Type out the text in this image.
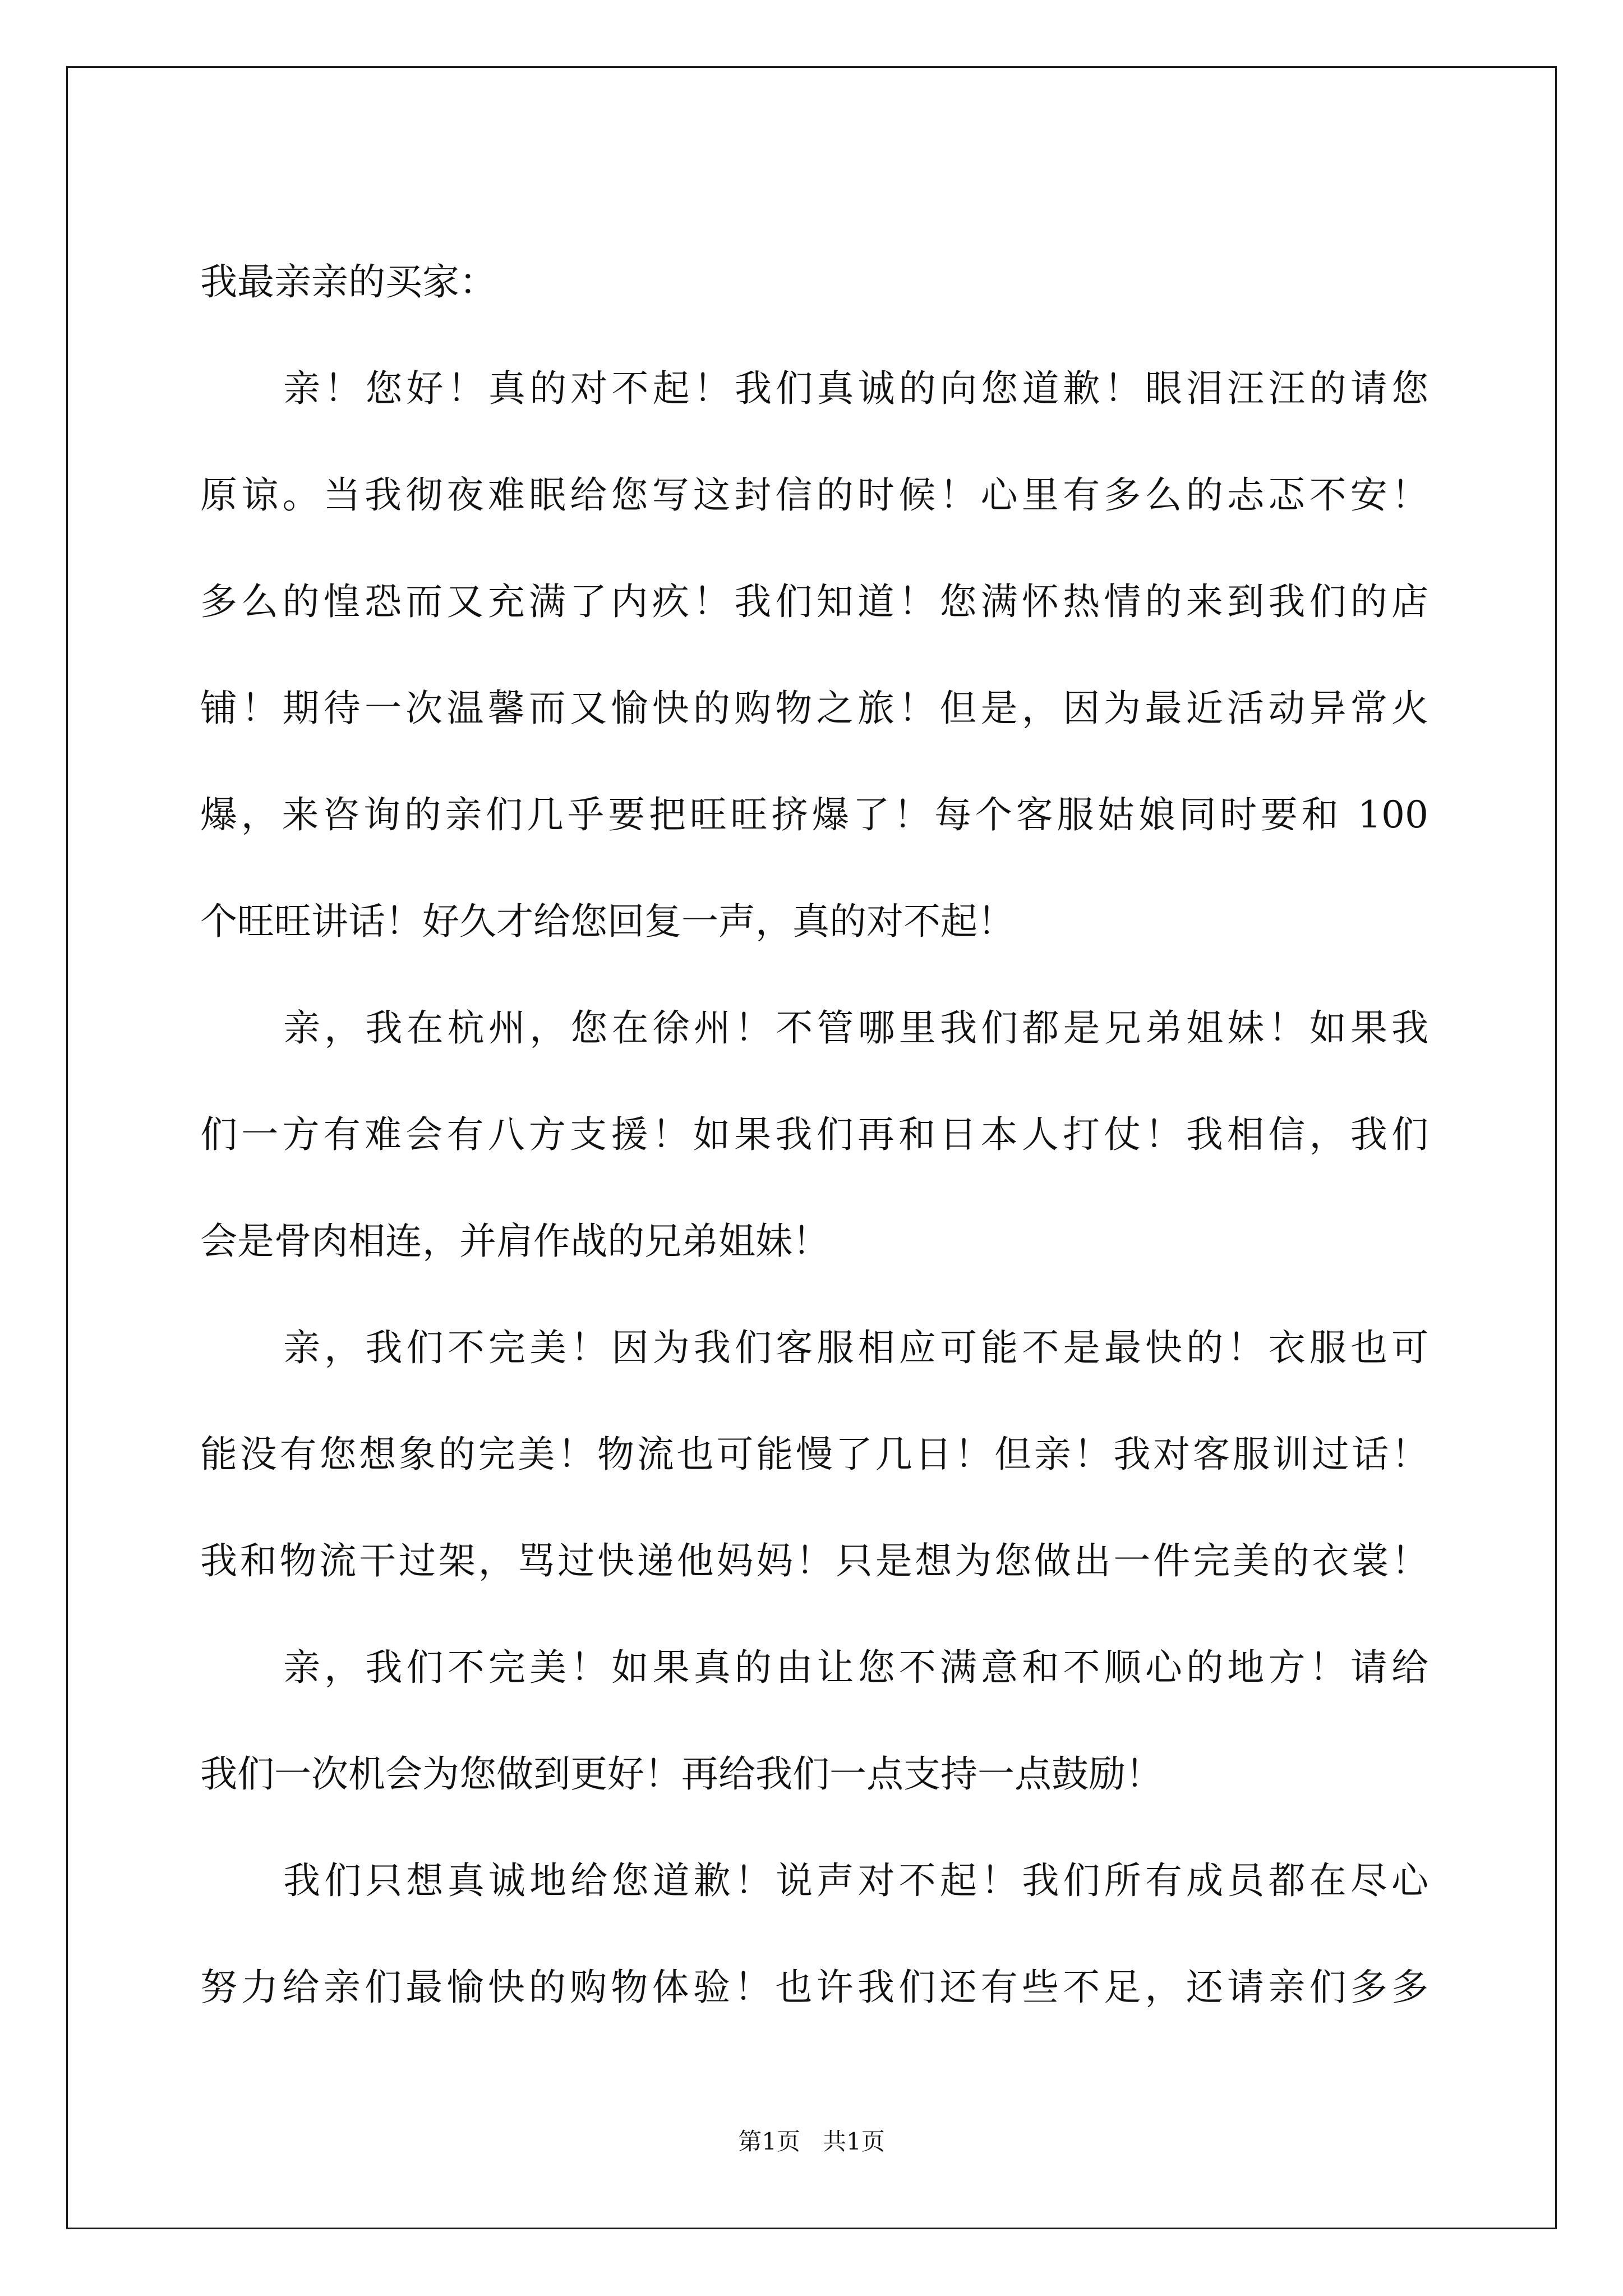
我最亲亲的买家：

亲！您好！真的对不起！我们真诚的向您道歉！眼泪汪汪的请您
原谅。当我彻夜难眠给您写这封信的时候！心里有多么的忐忑不安！
多么的惶恐而又充满了内疚！我们知道！您满怀热情的来到我们的店
铺！期待一次温馨而又愉快的购物之旅！但是，因为最近活动异常火
爆，来咨询的亲们几乎要把旺旺挤爆了！每个客服姑娘同时要和 100
个旺旺讲话！好久才给您回复一声，真的对不起！
亲，我在杭州，您在徐州！不管哪里我们都是兄弟姐妹！如果我
们一方有难会有八方支援！如果我们再和日本人打仗！我相信，我们
会是骨肉相连，并肩作战的兄弟姐妹！
亲，我们不完美！因为我们客服相应可能不是最快的！衣服也可
能没有您想象的完美！物流也可能慢了几日！但亲！我对客服训过话！
我和物流干过架，骂过快递他妈妈！只是想为您做出一件完美的衣裳！
亲，我们不完美！如果真的由让您不满意和不顺心的地方！请给
我们一次机会为您做到更好！再给我们一点支持一点鼓励！
我们只想真诚地给您道歉！说声对不起！我们所有成员都在尽心
努力给亲们最愉快的购物体验！也许我们还有些不足，还请亲们多多
第1页   共1页
